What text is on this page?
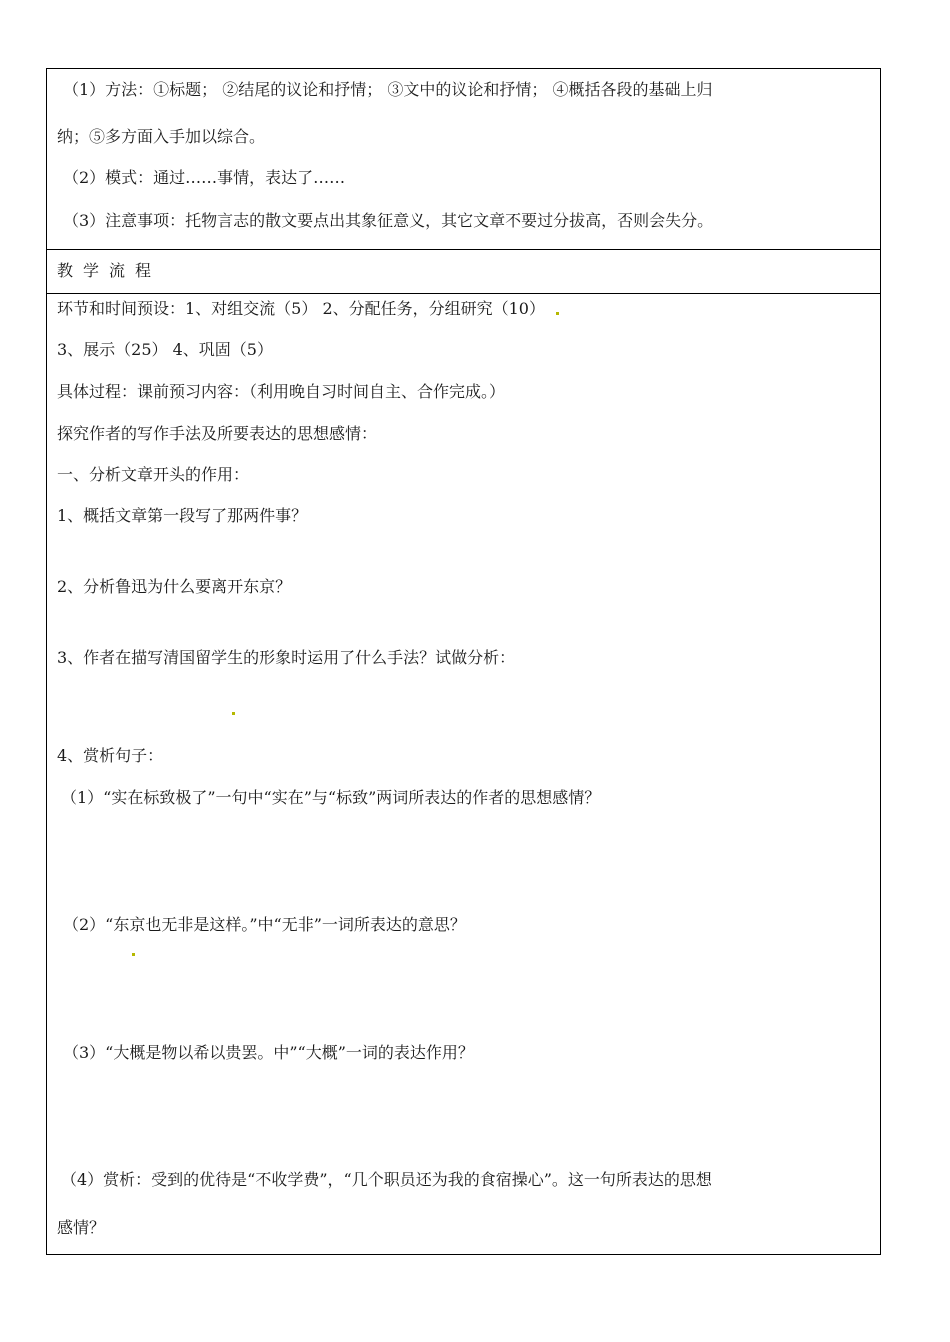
（1）方法：①标题； ②结尾的议论和抒情； ③文中的议论和抒情； ④概括各段的基础上归
纳；⑤多方面入手加以综合。
（2）模式：通过……事情，表达了……
（3）注意事项：托物言志的散文要点出其象征意义，其它文章不要过分拔高，否则会失分。
教学流程
环节和时间预设：1、对组交流（5） 2、分配任务，分组研究（10）
3、展示（25） 4、巩固（5）
具体过程：课前预习内容：（利用晚自习时间自主、合作完成。）
探究作者的写作手法及所要表达的思想感情：
一、分析文章开头的作用：
1、概括文章第一段写了那两件事？
2、分析鲁迅为什么要离开东京？
3、作者在描写清国留学生的形象时运用了什么手法？试做分析：
4、赏析句子：
（1）“实在标致极了”一句中“实在”与“标致”两词所表达的作者的思想感情？
（2）“东京也无非是这样。”中“无非”一词所表达的意思？
（3）“大概是物以希以贵罢。中”“大概”一词的表达作用？
（4）赏析：受到的优待是“不收学费”，“几个职员还为我的食宿操心”。这一句所表达的思想
感情？
